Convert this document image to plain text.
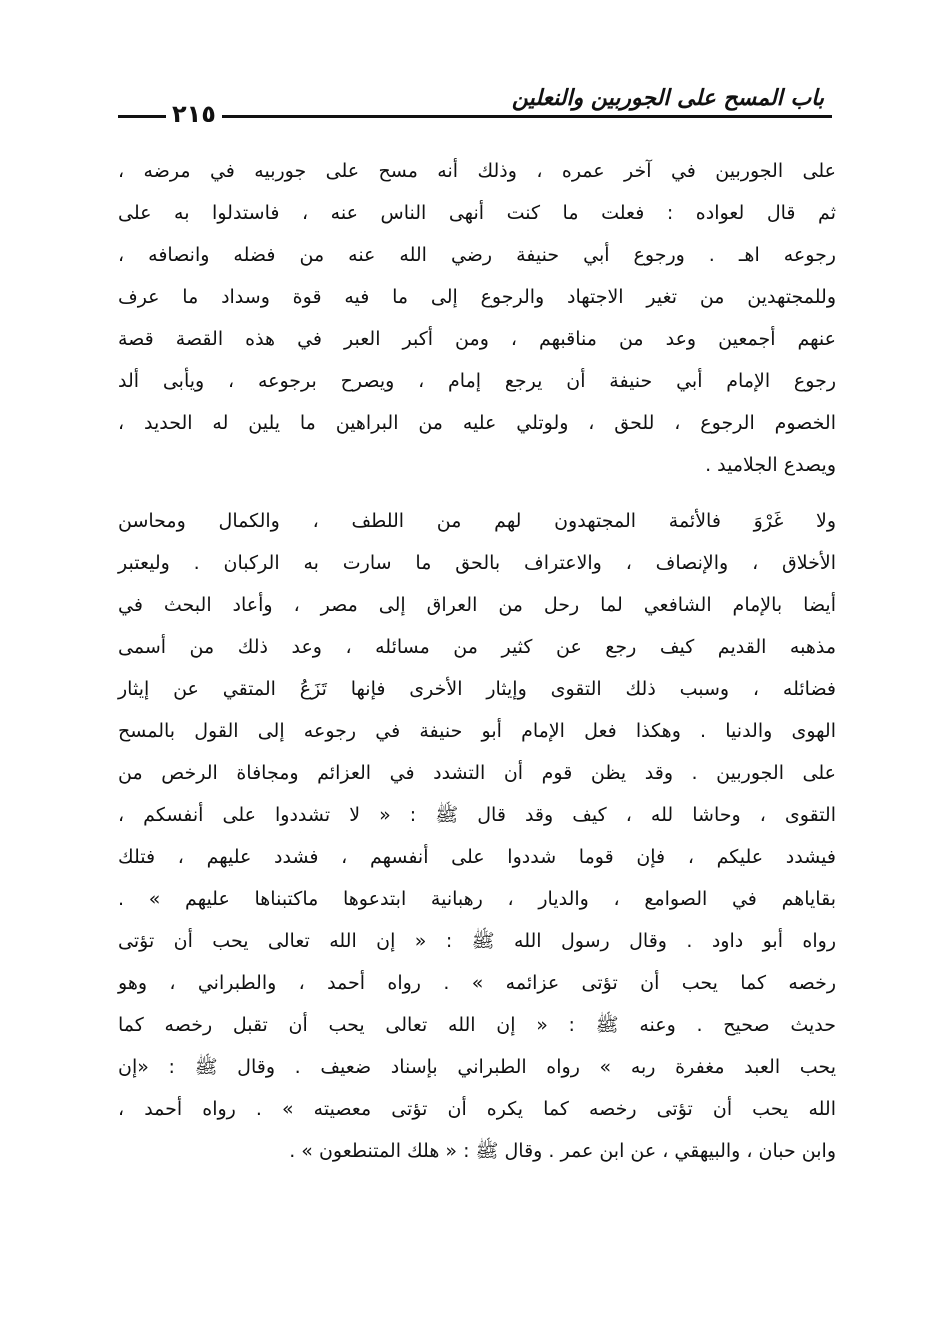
باب المسح على الجوربين والنعلين
٢١٥

على الجوربين في آخر عمره ، وذلك أنه مسح على جوربيه في مرضه ،
ثم قال لعواده : فعلت ما كنت أنهى الناس عنه ، فاستدلوا به على
رجوعه اهـ . ورجوع أبي حنيفة رضي الله عنه من فضله وانصافه ،
وللمجتهدين من تغير الاجتهاد والرجوع إلى ما فيه قوة وسداد ما عرف
عنهم أجمعين وعد من مناقبهم ، ومن أكبر العبر في هذه القصة قصة
رجوع الإمام أبي حنيفة أن يرجع إمام ، ويصرح برجوعه ، ويأبى ألد
الخصوم الرجوع ، للحق ، ولوتلي عليه من البراهين ما يلين له الحديد ،
ويصدع الجلاميد .

ولا غَرْوَ فالأئمة المجتهدون لهم من اللطف ، والكمال ومحاسن
الأخلاق ، والإنصاف ، والاعتراف بالحق ما سارت به الركبان . وليعتبر
أيضا بالإمام الشافعي لما رحل من العراق إلى مصر ، وأعاد البحث في
مذهبه القديم كيف رجع عن كثير من مسائله ، وعد ذلك من أسمى
فضائله ، وسبب ذلك التقوى وإيثار الأخرى فإنها تَزَعُ المتقي عن إيثار
الهوى والدنيا . وهكذا فعل الإمام أبو حنيفة في رجوعه إلى القول بالمسح
على الجوربين . وقد يظن قوم أن التشدد في العزائم ومجافاة الرخص من
التقوى ، وحاشا لله ، كيف وقد قال ﷺ : « لا تشددوا على أنفسكم ،
فيشدد عليكم ، فإن قوما شددوا على أنفسهم ، فشدد عليهم ، فتلك
بقاياهم في الصوامع ، والديار ، رهبانية ابتدعوها ماكتبناها عليهم » .
رواه أبو داود . وقال رسول الله ﷺ : « إن الله تعالى يحب أن تؤتى
رخصه كما يحب أن تؤتى عزائمه » . رواه أحمد ، والطبراني ، وهو
حديث صحيح . وعنه ﷺ : « إن الله تعالى يحب أن تقبل رخصه كما
يحب العبد مغفرة ربه » رواه الطبراني بإسناد ضعيف . وقال ﷺ : «إن
الله يحب أن تؤتى رخصه كما يكره أن تؤتى معصيته » . رواه أحمد ،
وابن حبان ، والبيهقي ، عن ابن عمر . وقال ﷺ : « هلك المتنطعون » .
